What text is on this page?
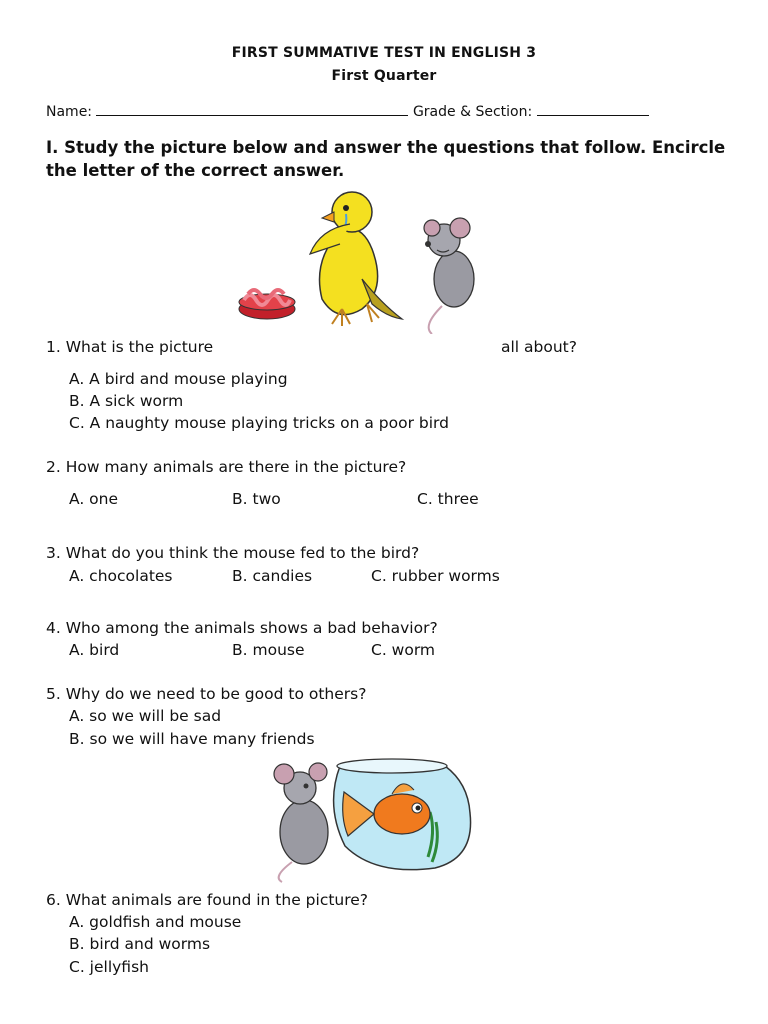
FIRST SUMMATIVE TEST IN ENGLISH 3
First Quarter
Name:	Grade & Section:
I. Study the picture below and answer the questions that follow. Encircle the letter of the correct answer.
1. What is the picture	all about?
A. A bird and mouse playing
B. A sick worm
C. A naughty mouse playing tricks on a poor bird
2. How many animals are there in the picture?
A. one	B. two	C. three
3. What do you think the mouse fed to the bird?
A. chocolates	B. candies	C. rubber worms
4. Who among the animals shows a bad behavior?
A. bird	B. mouse	C. worm
5. Why do we need to be good to others?
A. so we will be sad
B. so we will have many friends
6. What animals are found in the picture?
A. goldfish and mouse
B. bird and worms
C. jellyfish
